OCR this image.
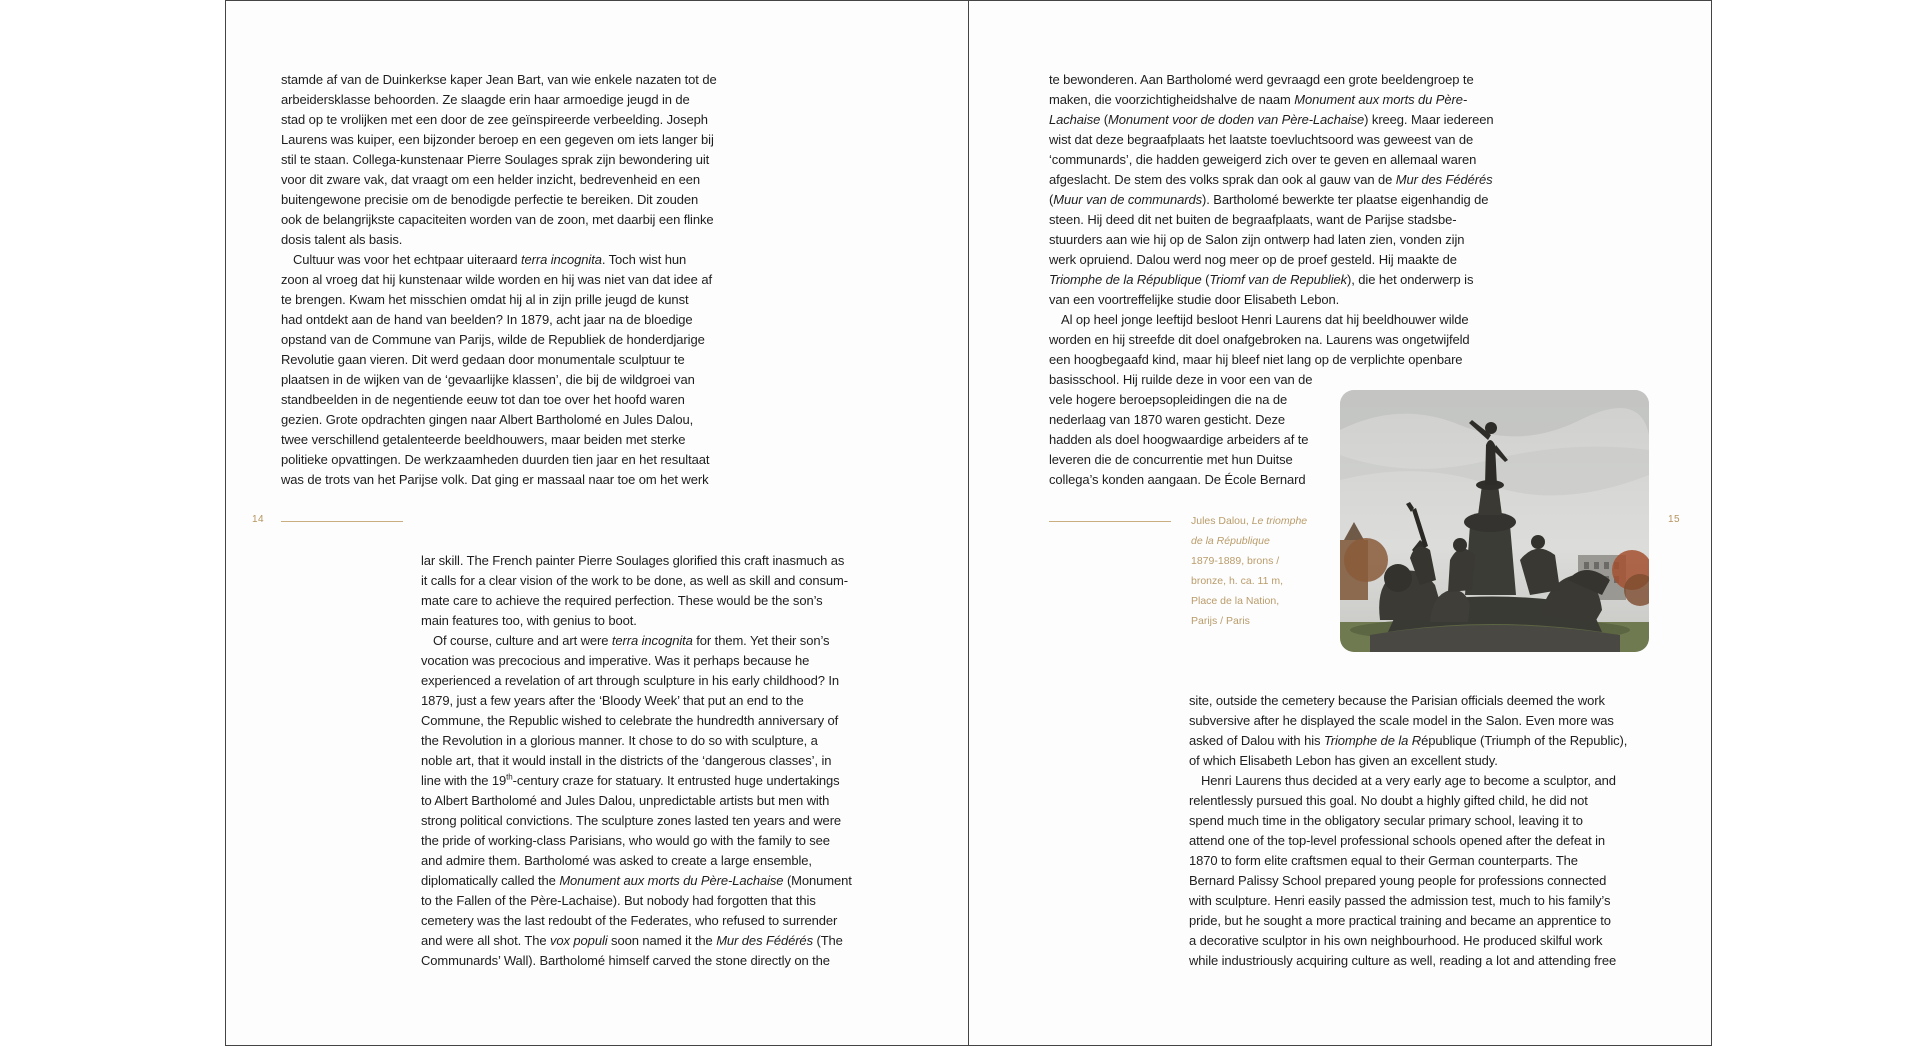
stamde af van de Duinkerkse kaper Jean Bart, van wie enkele nazaten tot de
arbeidersklasse behoorden. Ze slaagde erin haar armoedige jeugd in de
stad op te vrolijken met een door de zee geïnspireerde verbeelding. Joseph
Laurens was kuiper, een bijzonder beroep en een gegeven om iets langer bij
stil te staan. Collega-kunstenaar Pierre Soulages sprak zijn bewondering uit
voor dit zware vak, dat vraagt om een helder inzicht, bedrevenheid en een
buitengewone precisie om de benodigde perfectie te bereiken. Dit zouden
ook de belangrijkste capaciteiten worden van de zoon, met daarbij een flinke
dosis talent als basis.
Cultuur was voor het echtpaar uiteraard terra incognita. Toch wist hun
zoon al vroeg dat hij kunstenaar wilde worden en hij was niet van dat idee af
te brengen. Kwam het misschien omdat hij al in zijn prille jeugd de kunst
had ontdekt aan de hand van beelden? In 1879, acht jaar na de bloedige
opstand van de Commune van Parijs, wilde de Republiek de honderdjarige
Revolutie gaan vieren. Dit werd gedaan door monumentale sculptuur te
plaatsen in de wijken van de ‘gevaarlijke klassen’, die bij de wildgroei van
standbeelden in de negentiende eeuw tot dan toe over het hoofd waren
gezien. Grote opdrachten gingen naar Albert Bartholomé en Jules Dalou,
twee verschillend getalenteerde beeldhouwers, maar beiden met sterke
politieke opvattingen. De werkzaamheden duurden tien jaar en het resultaat
was de trots van het Parijse volk. Dat ging er massaal naar toe om het werk
14
lar skill. The French painter Pierre Soulages glorified this craft inasmuch as
it calls for a clear vision of the work to be done, as well as skill and consum-
mate care to achieve the required perfection. These would be the son’s
main features too, with genius to boot.
Of course, culture and art were terra incognita for them. Yet their son’s
vocation was precocious and imperative. Was it perhaps because he
experienced a revelation of art through sculpture in his early childhood? In
1879, just a few years after the ‘Bloody Week’ that put an end to the
Commune, the Republic wished to celebrate the hundredth anniversary of
the Revolution in a glorious manner. It chose to do so with sculpture, a
noble art, that it would install in the districts of the ‘dangerous classes’, in
line with the 19th-century craze for statuary. It entrusted huge undertakings
to Albert Bartholomé and Jules Dalou, unpredictable artists but men with
strong political convictions. The sculpture zones lasted ten years and were
the pride of working-class Parisians, who would go with the family to see
and admire them. Bartholomé was asked to create a large ensemble,
diplomatically called the Monument aux morts du Père-Lachaise (Monument
to the Fallen of the Père-Lachaise). But nobody had forgotten that this
cemetery was the last redoubt of the Federates, who refused to surrender
and were all shot. The vox populi soon named it the Mur des Fédérés (The
Communards’ Wall). Bartholomé himself carved the stone directly on the
te bewonderen. Aan Bartholomé werd gevraagd een grote beeldengroep te
maken, die voorzichtigheidshalve de naam Monument aux morts du Père-
Lachaise (Monument voor de doden van Père-Lachaise) kreeg. Maar iedereen
wist dat deze begraafplaats het laatste toevluchtsoord was geweest van de
‘communards’, die hadden geweigerd zich over te geven en allemaal waren
afgeslacht. De stem des volks sprak dan ook al gauw van de Mur des Fédérés
(Muur van de communards). Bartholomé bewerkte ter plaatse eigenhandig de
steen. Hij deed dit net buiten de begraafplaats, want de Parijse stadsbe-
stuurders aan wie hij op de Salon zijn ontwerp had laten zien, vonden zijn
werk opruiend. Dalou werd nog meer op de proef gesteld. Hij maakte de
Triomphe de la République (Triomf van de Republiek), die het onderwerp is
van een voortreffelijke studie door Elisabeth Lebon.
Al op heel jonge leeftijd besloot Henri Laurens dat hij beeldhouwer wilde
worden en hij streefde dit doel onafgebroken na. Laurens was ongetwijfeld
een hoogbegaafd kind, maar hij bleef niet lang op de verplichte openbare
basisschool. Hij ruilde deze in voor een van de
vele hogere beroepsopleidingen die na de
nederlaag van 1870 waren gesticht. Deze
hadden als doel hoogwaardige arbeiders af te
leveren die de concurrentie met hun Duitse
collega’s konden aangaan. De École Bernard
15
Jules Dalou, Le triomphe
de la République
1879-1889, brons /
bronze, h. ca. 11 m,
Place de la Nation,
Parijs / Paris
site, outside the cemetery because the Parisian officials deemed the work
subversive after he displayed the scale model in the Salon. Even more was
asked of Dalou with his Triomphe de la République (Triumph of the Republic),
of which Elisabeth Lebon has given an excellent study.
Henri Laurens thus decided at a very early age to become a sculptor, and
relentlessly pursued this goal. No doubt a highly gifted child, he did not
spend much time in the obligatory secular primary school, leaving it to
attend one of the top-level professional schools opened after the defeat in
1870 to form elite craftsmen equal to their German counterparts. The
Bernard Palissy School prepared young people for professions connected
with sculpture. Henri easily passed the admission test, much to his family’s
pride, but he sought a more practical training and became an apprentice to
a decorative sculptor in his own neighbourhood. He produced skilful work
while industriously acquiring culture as well, reading a lot and attending free
